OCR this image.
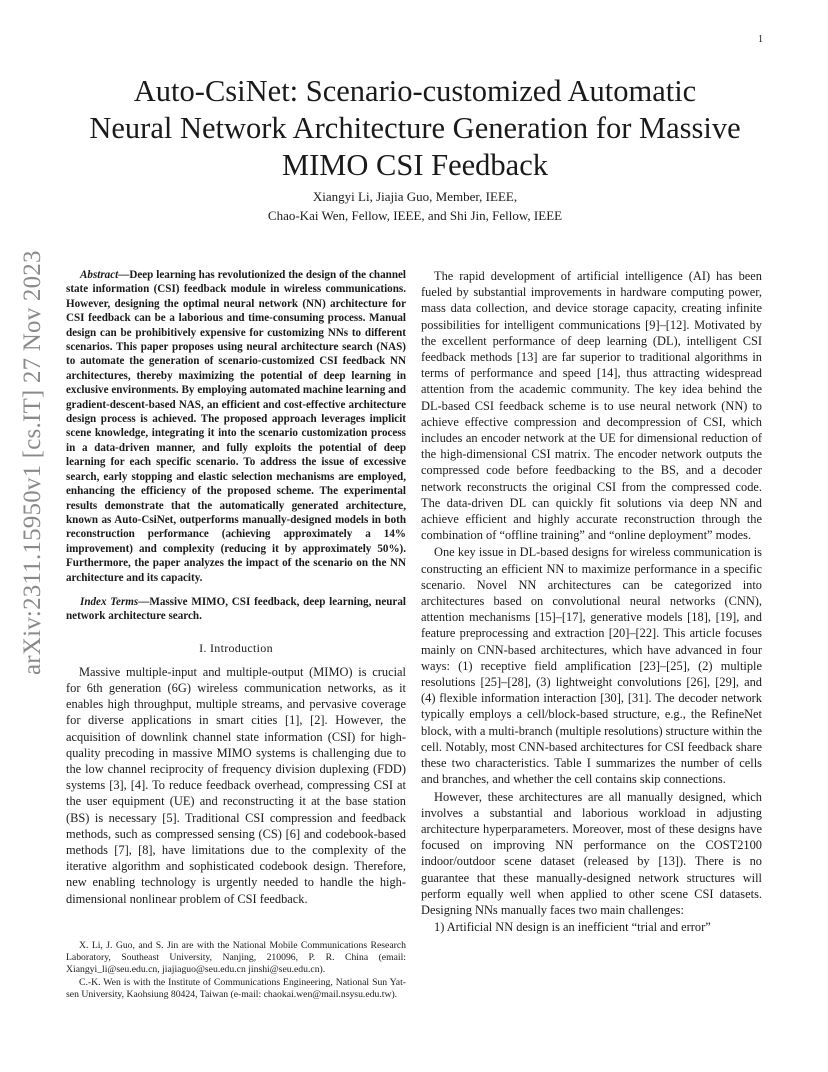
1
arXiv:2311.15950v1 [cs.IT] 27 Nov 2023
Auto-CsiNet: Scenario-customized Automatic
Neural Network Architecture Generation for Massive
MIMO CSI Feedback
Xiangyi Li, Jiajia Guo, Member, IEEE,
Chao-Kai Wen, Fellow, IEEE, and Shi Jin, Fellow, IEEE

Abstract—Deep learning has revolutionized the design of the channel state information (CSI) feedback module in wireless communications. However, designing the optimal neural network (NN) architecture for CSI feedback can be a laborious and time-consuming process. Manual design can be prohibitively expensive for customizing NNs to different scenarios. This paper proposes using neural architecture search (NAS) to automate the generation of scenario-customized CSI feedback NN architectures, thereby maximizing the potential of deep learning in exclusive environments. By employing automated machine learning and gradient-descent-based NAS, an efficient and cost-effective architecture design process is achieved. The proposed approach leverages implicit scene knowledge, integrating it into the scenario customization process in a data-driven manner, and fully exploits the potential of deep learning for each specific scenario. To address the issue of excessive search, early stopping and elastic selection mechanisms are employed, enhancing the efficiency of the proposed scheme. The experimental results demonstrate that the automatically generated architecture, known as Auto-CsiNet, outperforms manually-designed models in both reconstruction performance (achieving approximately a 14% improvement) and complexity (reducing it by approximately 50%). Furthermore, the paper analyzes the impact of the scenario on the NN architecture and its capacity.

Index Terms—Massive MIMO, CSI feedback, deep learning, neural network architecture search.

I. Introduction

Massive multiple-input and multiple-output (MIMO) is crucial for 6th generation (6G) wireless communication networks, as it enables high throughput, multiple streams, and pervasive coverage for diverse applications in smart cities [1], [2]. However, the acquisition of downlink channel state information (CSI) for high-quality precoding in massive MIMO systems is challenging due to the low channel reciprocity of frequency division duplexing (FDD) systems [3], [4]. To reduce feedback overhead, compressing CSI at the user equipment (UE) and reconstructing it at the base station (BS) is necessary [5]. Traditional CSI compression and feedback methods, such as compressed sensing (CS) [6] and codebook-based methods [7], [8], have limitations due to the complexity of the iterative algorithm and sophisticated codebook design. Therefore, new enabling technology is urgently needed to handle the high-dimensional nonlinear problem of CSI feedback.

X. Li, J. Guo, and S. Jin are with the National Mobile Communications Research Laboratory, Southeast University, Nanjing, 210096, P. R. China (email: Xiangyi_li@seu.edu.cn, jiajiaguo@seu.edu.cn jinshi@seu.edu.cn).

C.-K. Wen is with the Institute of Communications Engineering, National Sun Yat-sen University, Kaohsiung 80424, Taiwan (e-mail: chaokai.wen@mail.nsysu.edu.tw).

The rapid development of artificial intelligence (AI) has been fueled by substantial improvements in hardware computing power, mass data collection, and device storage capacity, creating infinite possibilities for intelligent communications [9]–[12]. Motivated by the excellent performance of deep learning (DL), intelligent CSI feedback methods [13] are far superior to traditional algorithms in terms of performance and speed [14], thus attracting widespread attention from the academic community. The key idea behind the DL-based CSI feedback scheme is to use neural network (NN) to achieve effective compression and decompression of CSI, which includes an encoder network at the UE for dimensional reduction of the high-dimensional CSI matrix. The encoder network outputs the compressed code before feedbacking to the BS, and a decoder network reconstructs the original CSI from the compressed code. The data-driven DL can quickly fit solutions via deep NN and achieve efficient and highly accurate reconstruction through the combination of “offline training” and “online deployment” modes.

One key issue in DL-based designs for wireless communication is constructing an efficient NN to maximize performance in a specific scenario. Novel NN architectures can be categorized into architectures based on convolutional neural networks (CNN), attention mechanisms [15]–[17], generative models [18], [19], and feature preprocessing and extraction [20]–[22]. This article focuses mainly on CNN-based architectures, which have advanced in four ways: (1) receptive field amplification [23]–[25], (2) multiple resolutions [25]–[28], (3) lightweight convolutions [26], [29], and (4) flexible information interaction [30], [31]. The decoder network typically employs a cell/block-based structure, e.g., the RefineNet block, with a multi-branch (multiple resolutions) structure within the cell. Notably, most CNN-based architectures for CSI feedback share these two characteristics. Table I summarizes the number of cells and branches, and whether the cell contains skip connections.

However, these architectures are all manually designed, which involves a substantial and laborious workload in adjusting architecture hyperparameters. Moreover, most of these designs have focused on improving NN performance on the COST2100 indoor/outdoor scene dataset (released by [13]). There is no guarantee that these manually-designed network structures will perform equally well when applied to other scene CSI datasets. Designing NNs manually faces two main challenges:

1) Artificial NN design is an inefficient “trial and error”
